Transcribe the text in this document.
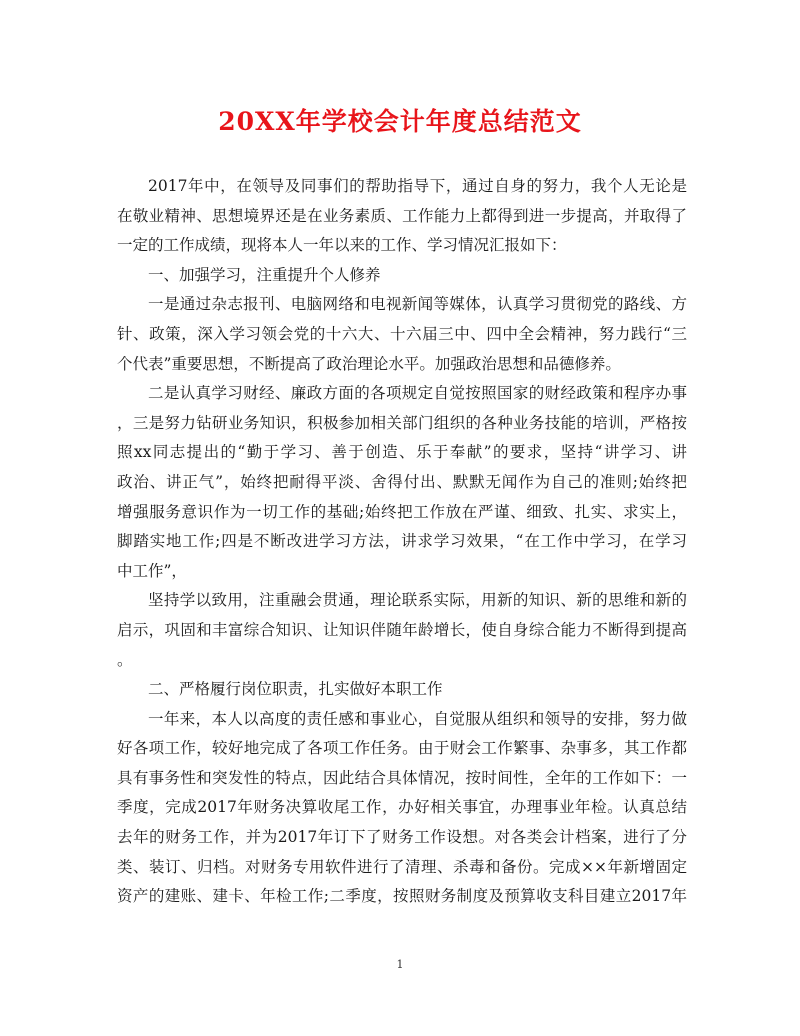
20XX年学校会计年度总结范文
2017年中，在领导及同事们的帮助指导下，通过自身的努力，我个人无论是
在敬业精神、思想境界还是在业务素质、工作能力上都得到进一步提高，并取得了
一定的工作成绩，现将本人一年以来的工作、学习情况汇报如下：
一、加强学习，注重提升个人修养
一是通过杂志报刊、电脑网络和电视新闻等媒体，认真学习贯彻党的路线、方
针、政策，深入学习领会党的十六大、十六届三中、四中全会精神，努力践行“三
个代表”重要思想，不断提高了政治理论水平。加强政治思想和品德修养。
二是认真学习财经、廉政方面的各项规定自觉按照国家的财经政策和程序办事
，三是努力钻研业务知识，积极参加相关部门组织的各种业务技能的培训，严格按
照xx同志提出的“勤于学习、善于创造、乐于奉献”的要求，坚持“讲学习、讲
政治、讲正气”，始终把耐得平淡、舍得付出、默默无闻作为自己的准则;始终把
增强服务意识作为一切工作的基础;始终把工作放在严谨、细致、扎实、求实上，
脚踏实地工作;四是不断改进学习方法，讲求学习效果，“在工作中学习，在学习
中工作”，
坚持学以致用，注重融会贯通，理论联系实际，用新的知识、新的思维和新的
启示，巩固和丰富综合知识、让知识伴随年龄增长，使自身综合能力不断得到提高
。
二、严格履行岗位职责，扎实做好本职工作
一年来，本人以高度的责任感和事业心，自觉服从组织和领导的安排，努力做
好各项工作，较好地完成了各项工作任务。由于财会工作繁事、杂事多，其工作都
具有事务性和突发性的特点，因此结合具体情况，按时间性，全年的工作如下：一
季度，完成2017年财务决算收尾工作，办好相关事宜，办理事业年检。认真总结
去年的财务工作，并为2017年订下了财务工作设想。对各类会计档案，进行了分
类、装订、归档。对财务专用软件进行了清理、杀毒和备份。完成××年新增固定
资产的建账、建卡、年检工作;二季度，按照财务制度及预算收支科目建立2017年
1
